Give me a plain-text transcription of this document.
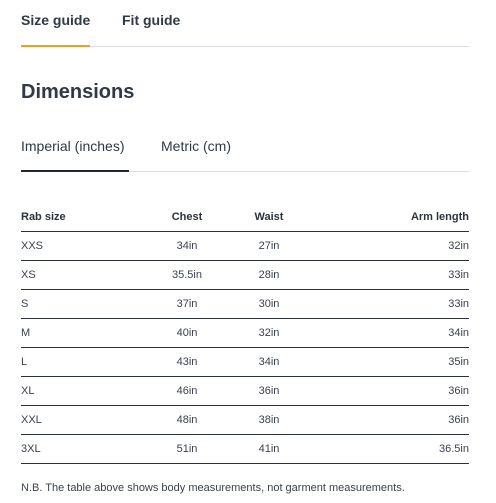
Size guide Fit guide
Dimensions
Imperial (inches)	Metric (cm)
Rab size	Chest	Waist	Arm length
XXS	34in	27in	32in
XS	35.5in	28in	33in
S	37in	30in	33in
M	40in	32in	34in
L	43in	34in	35in
XL	46in	36in	36in
XXL	48in	38in	36in
3XL	51in	41in	36.5in
N.B. The table above shows body measurements, not garment measurements.
